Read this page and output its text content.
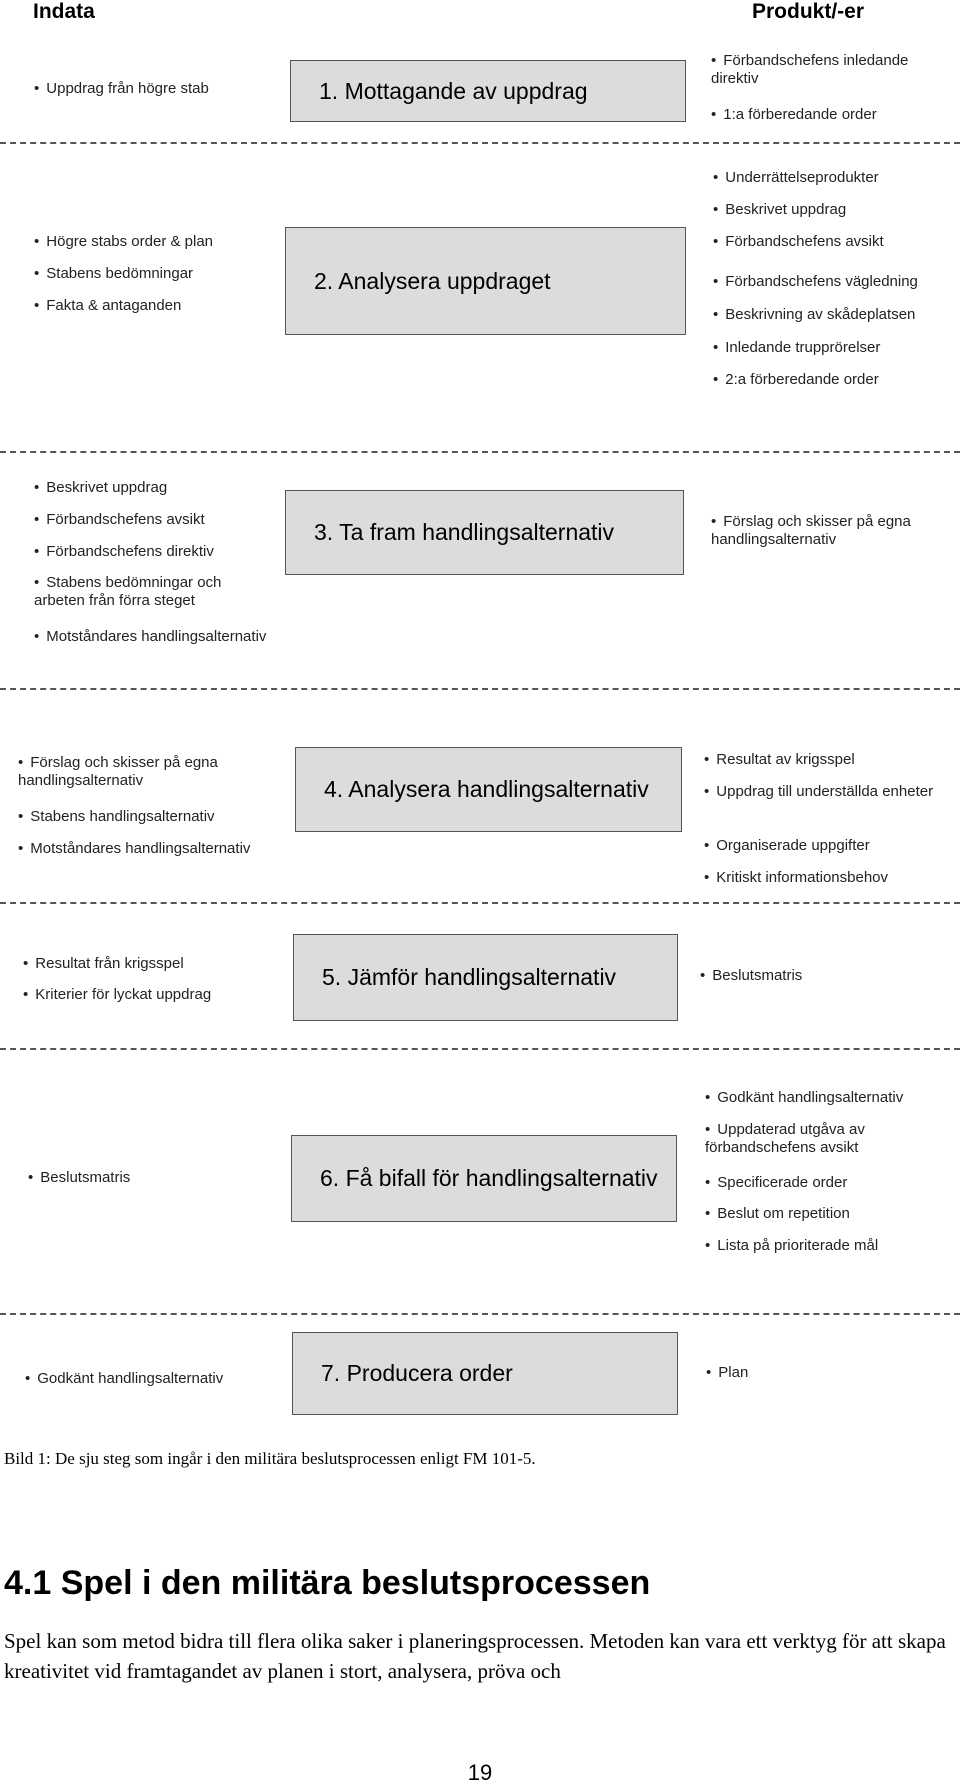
Indata	Produkt/-er
1. Mottagande av uppdrag
• Uppdrag från högre stab
• Förbandschefens inledande direktiv
• 1:a förberedande order
2. Analysera uppdraget
• Högre stabs order & plan
• Stabens bedömningar
• Fakta & antaganden
• Underrättelseprodukter
• Beskrivet uppdrag
• Förbandschefens avsikt
• Förbandschefens vägledning
• Beskrivning av skådeplatsen
• Inledande trupprörelser
• 2:a förberedande order
3. Ta fram handlingsalternativ
• Beskrivet uppdrag
• Förbandschefens avsikt
• Förbandschefens direktiv
• Stabens bedömningar och arbeten från förra steget
• Motståndares handlingsalternativ
• Förslag och skisser på egna handlingsalternativ
4. Analysera handlingsalternativ
• Förslag och skisser på egna handlingsalternativ
• Stabens handlingsalternativ
• Motståndares handlingsalternativ
• Resultat av krigsspel
• Uppdrag till underställda enheter
• Organiserade uppgifter
• Kritiskt informationsbehov
5. Jämför handlingsalternativ
• Resultat från krigsspel
• Kriterier för lyckat uppdrag
• Beslutsmatris
6. Få bifall för handlingsalternativ
• Beslutsmatris
• Godkänt handlingsalternativ
• Uppdaterad utgåva av förbandschefens avsikt
• Specificerade order
• Beslut om repetition
• Lista på prioriterade mål
7. Producera order
• Godkänt handlingsalternativ
•	Plan
Bild 1: De sju steg som ingår i den militära beslutsprocessen enligt FM 101-5.
4.1 Spel i den militära beslutsprocessen
Spel kan som metod bidra till flera olika saker i planeringsprocessen. Metoden kan vara ett verktyg för att skapa kreativitet vid framtagandet av planen i stort, analysera, pröva och
19
